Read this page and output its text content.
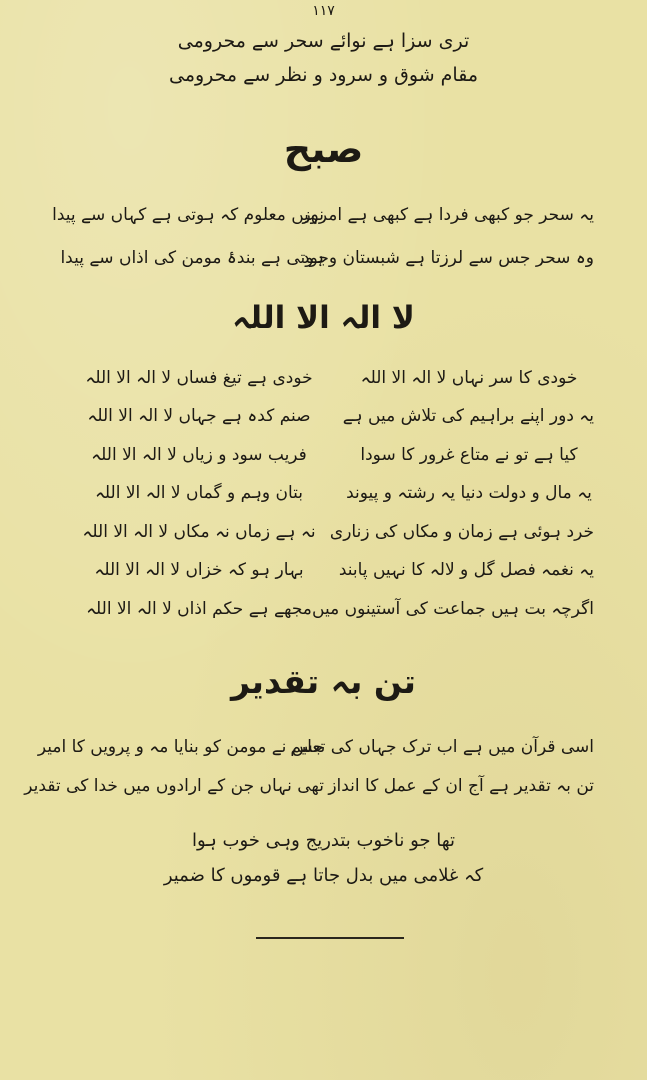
۱۱۷
تری سزا ہے نوائے سحر سے محرومی
مقام شوق و سرود و نظر سے محرومی
صبح
یہ سحر جو کبھی فردا ہے کبھی ہے امروز
نہیں معلوم کہ ہوتی ہے کہاں سے پیدا
وہ سحر جس سے لرزتا ہے شبستان وجود
ہوتی ہے بندۂ مومن کی اذاں سے پیدا
لا الہ الا اللہ
خودی کا سر نہاں لا الہ الا اللہ
خودی ہے تیغ فساں لا الہ الا اللہ
یہ دور اپنے براہیم کی تلاش میں ہے
صنم کدہ ہے جہاں لا الہ الا اللہ
کیا ہے تو نے متاع غرور کا سودا
فریب سود و زیاں لا الہ الا اللہ
یہ مال و دولت دنیا یہ رشتہ و پیوند
بتان وہم و گماں لا الہ الا اللہ
خرد ہوئی ہے زمان و مکاں کی زناری
نہ ہے زماں نہ مکاں لا الہ الا اللہ
یہ نغمہ فصل گل و لالہ کا نہیں پابند
بہار ہو کہ خزاں لا الہ الا اللہ
اگرچہ بت ہیں جماعت کی آستینوں میں
مجھے ہے حکم اذاں لا الہ الا اللہ
تن بہ تقدیر
اسی قرآن میں ہے اب ترک جہاں کی تعلیم
جس نے مومن کو بنایا مہ و پرویں کا امیر
تن بہ تقدیر ہے آج ان کے عمل کا انداز
تھی نہاں جن کے ارادوں میں خدا کی تقدیر
تھا جو ناخوب بتدریج وہی خوب ہوا
کہ غلامی میں بدل جاتا ہے قوموں کا ضمیر
